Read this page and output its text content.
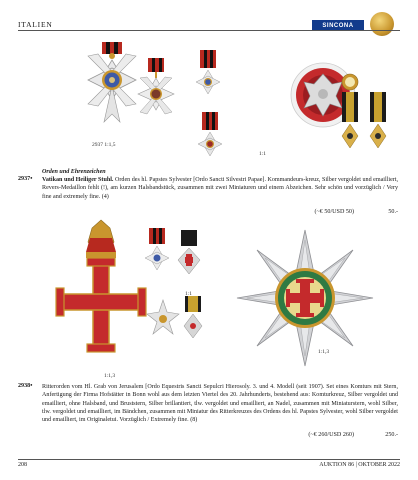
ITALIEN	SINCONA
2937 1:1,5
1:1
Orden und Ehrenzeichen
2937• Vatikan und Heiliger Stuhl. Orden des hl. Papstes Sylvester [Ordo Sancti Silvestri Papae]. Kommandeurs-kreuz, Silber vergoldet und emailliert, Revers-Medaillon fehlt (!), am kurzen Halsbandstück, zusammen mit zwei Miniaturen und einem Abzeichen. Sehr schön und vorzüglich / Very fine and extremely fine. (4)
(~€ 50/USD 50)	50.-
1:1,3
1:1
1:1,3
2938• Ritterorden vom Hl. Grab von Jerusalem [Ordo Equestris Sancti Sepulcri Hierosoly. 3. und 4. Modell (seit 1907). Set eines Komturs mit Stern, Anfertigung der Firma Hofstätter in Bonn wohl aus dem letzten Viertel des 20. Jahrhunderts, bestehend aus: Komturkreuz, Silber vergoldet und emailliert, ohne Halsband, und Bruststern, Silber brillantiert, tlw. vergoldet und emailliert, an Nadel, zusammen mit Miniaturstern, wohl Silber, tlw. vergoldet und emailliert, im Bändchen, zusammen mit Miniatur des Ritterkreuzes des Ordens des hl. Papstes Sylvester, wohl Silber vergoldet und emailliert, im Originaletui. Vorzüglich / Extremely fine. (8)
(~€ 260/USD 260)	250.-
208	AUKTION 86 | OKTOBER 2022
